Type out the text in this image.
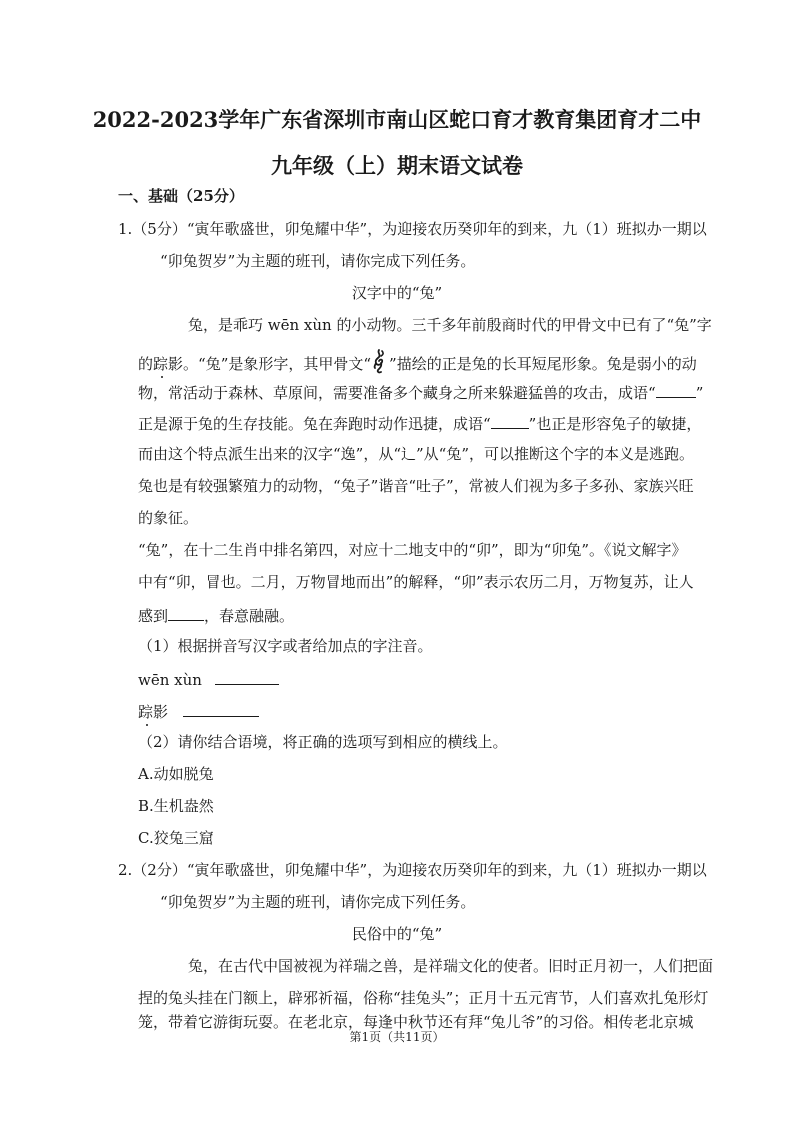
2022-2023学年广东省深圳市南山区蛇口育才教育集团育才二中
九年级（上）期末语文试卷
一、基础（25分）
1.（5分）“寅年歌盛世，卯兔耀中华”，为迎接农历癸卯年的到来，九（1）班拟办一期以
“卯兔贺岁”为主题的班刊，请你完成下列任务。
汉字中的“兔”
兔，是乖巧 wēn xùn 的小动物。三千多年前殷商时代的甲骨文中已有了“兔”字
的踪影。“兔”是象形字，其甲骨文“ ”描绘的正是兔的长耳短尾形象。兔是弱小的动
物，常活动于森林、草原间，需要准备多个藏身之所来躲避猛兽的攻击，成语“	”
正是源于兔的生存技能。兔在奔跑时动作迅捷，成语“	”也正是形容兔子的敏捷，
而由这个特点派生出来的汉字“逸”，从“辶”从“兔”，可以推断这个字的本义是逃跑。
兔也是有较强繁殖力的动物，“兔子”谐音“吐子”，常被人们视为多子多孙、家族兴旺
的象征。
“兔”，在十二生肖中排名第四，对应十二地支中的“卯”，即为“卯兔”。《说文解字》
中有“卯，冒也。二月，万物冒地而出”的解释，“卯”表示农历二月，万物复苏，让人
感到 ，春意融融。
（1）根据拼音写汉字或者给加点的字注音。
wēn xùn
踪影
（2）请你结合语境，将正确的选项写到相应的横线上。
A.动如脱兔
B.生机盎然
C.狡兔三窟
2.（2分）“寅年歌盛世，卯兔耀中华”，为迎接农历癸卯年的到来，九（1）班拟办一期以
“卯兔贺岁”为主题的班刊，请你完成下列任务。
民俗中的“兔”
兔，在古代中国被视为祥瑞之兽，是祥瑞文化的使者。旧时正月初一，人们把面
捏的兔头挂在门额上，辟邪祈福，俗称“挂兔头”；正月十五元宵节，人们喜欢扎兔形灯
笼，带着它游街玩耍。在老北京，每逢中秋节还有拜“兔儿爷”的习俗。相传老北京城
第1页（共11页）
